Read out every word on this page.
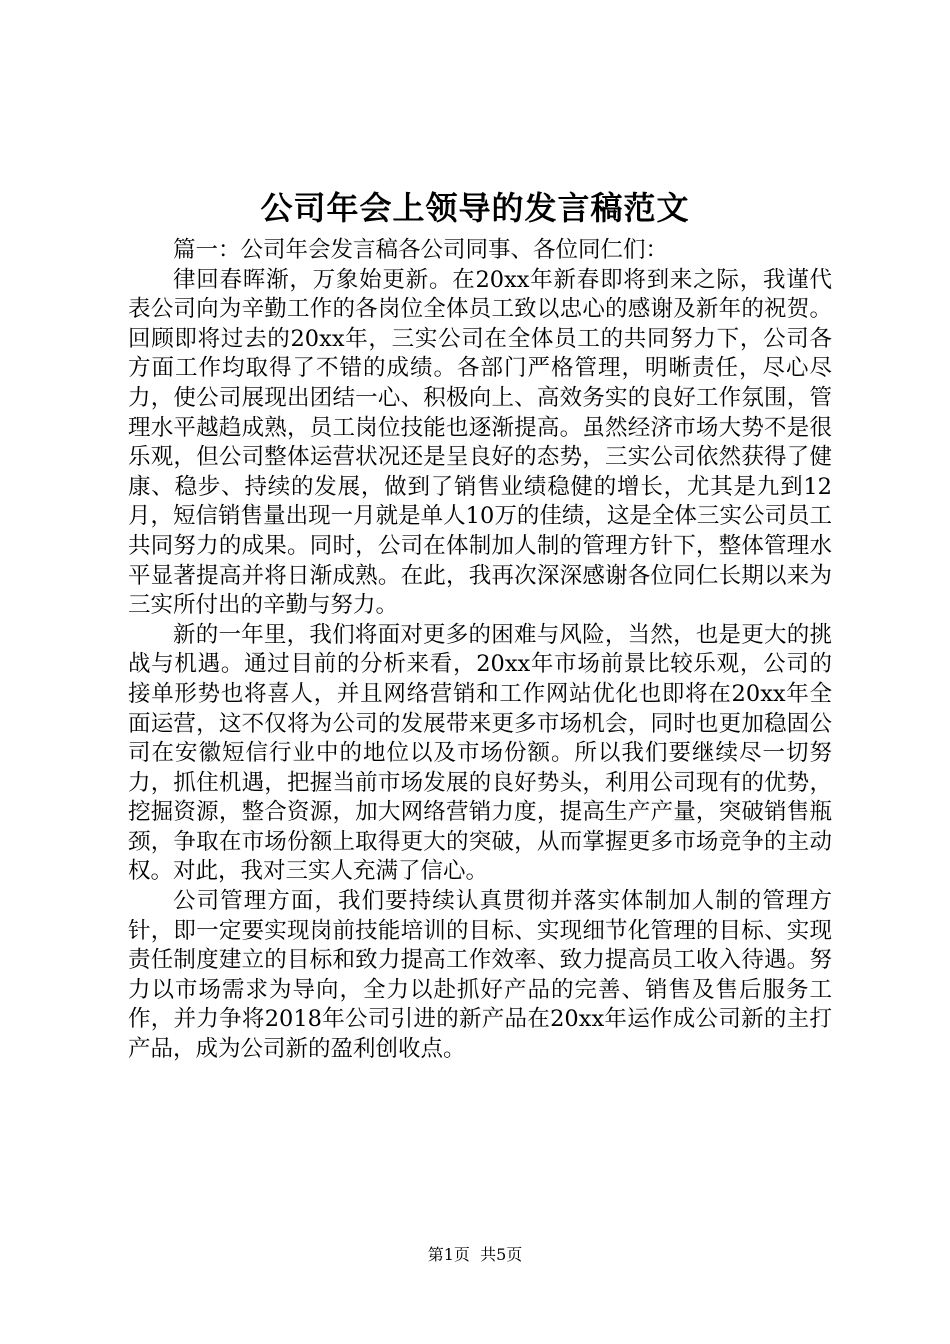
公司年会上领导的发言稿范文

篇一：公司年会发言稿各公司同事、各位同仁们：

律回春晖渐，万象始更新。在20xx年新春即将到来之际，我谨代表公司向为辛勤工作的各岗位全体员工致以忠心的感谢及新年的祝贺。回顾即将过去的20xx年，三实公司在全体员工的共同努力下，公司各方面工作均取得了不错的成绩。各部门严格管理，明晰责任，尽心尽力，使公司展现出团结一心、积极向上、高效务实的良好工作氛围，管理水平越趋成熟，员工岗位技能也逐渐提高。虽然经济市场大势不是很乐观，但公司整体运营状况还是呈良好的态势，三实公司依然获得了健康、稳步、持续的发展，做到了销售业绩稳健的增长，尤其是九到12月，短信销售量出现一月就是单人10万的佳绩，这是全体三实公司员工共同努力的成果。同时，公司在体制加人制的管理方针下，整体管理水平显著提高并将日渐成熟。在此，我再次深深感谢各位同仁长期以来为三实所付出的辛勤与努力。

新的一年里，我们将面对更多的困难与风险，当然，也是更大的挑战与机遇。通过目前的分析来看，20xx年市场前景比较乐观，公司的接单形势也将喜人，并且网络营销和工作网站优化也即将在20xx年全面运营，这不仅将为公司的发展带来更多市场机会，同时也更加稳固公司在安徽短信行业中的地位以及市场份额。所以我们要继续尽一切努力，抓住机遇，把握当前市场发展的良好势头，利用公司现有的优势，挖掘资源，整合资源，加大网络营销力度，提高生产产量，突破销售瓶颈，争取在市场份额上取得更大的突破，从而掌握更多市场竞争的主动权。对此，我对三实人充满了信心。

公司管理方面，我们要持续认真贯彻并落实体制加人制的管理方针，即一定要实现岗前技能培训的目标、实现细节化管理的目标、实现责任制度建立的目标和致力提高工作效率、致力提高员工收入待遇。努力以市场需求为导向，全力以赴抓好产品的完善、销售及售后服务工作，并力争将2018年公司引进的新产品在20xx年运作成公司新的主打产品，成为公司新的盈利创收点。

第1页 共5页
